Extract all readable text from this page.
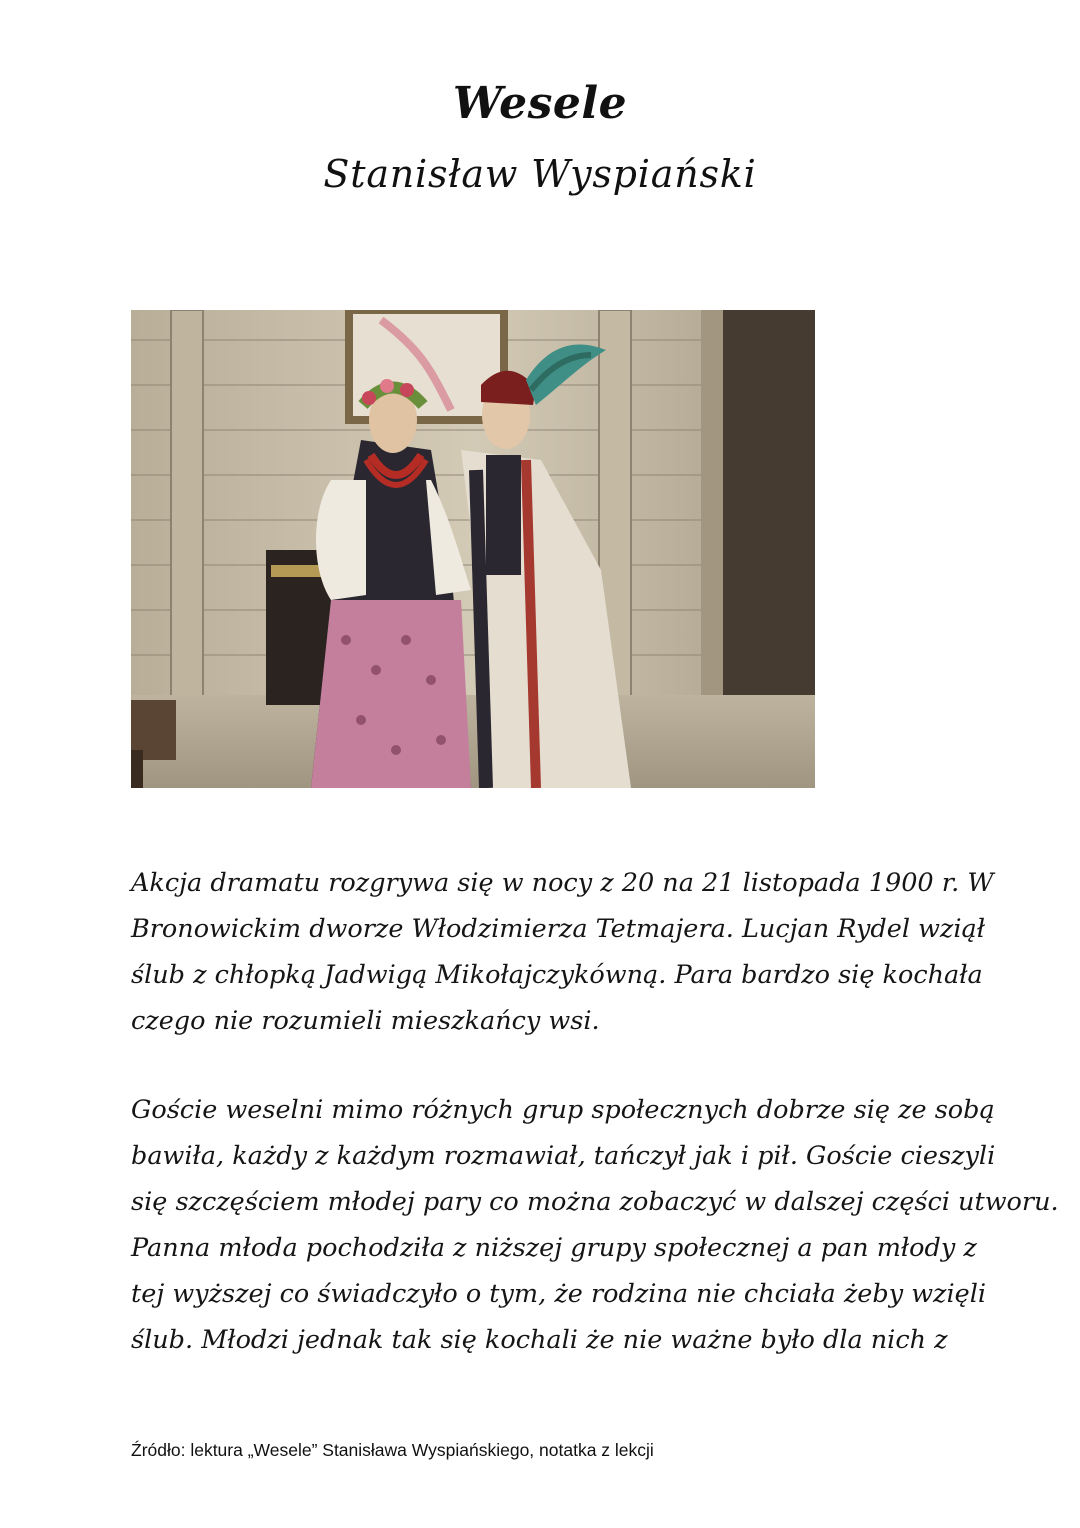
Wesele
Stanisław Wyspiański

Akcja dramatu rozgrywa się w nocy z 20 na 21 listopada 1900 r. W
Bronowickim dworze Włodzimierza Tetmajera. Lucjan Rydel wziął
ślub z chłopką Jadwigą Mikołajczykówną. Para bardzo się kochała
czego nie rozumieli mieszkańcy wsi.

Goście weselni mimo różnych grup społecznych dobrze się ze sobą
bawiła, każdy z każdym rozmawiał, tańczył jak i pił. Goście cieszyli
się szczęściem młodej pary co można zobaczyć w dalszej części utworu.
Panna młoda pochodziła z niższej grupy społecznej a pan młody z
tej wyższej co świadczyło o tym, że rodzina nie chciała żeby wzięli
ślub. Młodzi jednak tak się kochali że nie ważne było dla nich z

Źródło: lektura „Wesele” Stanisława Wyspiańskiego, notatka z lekcji
